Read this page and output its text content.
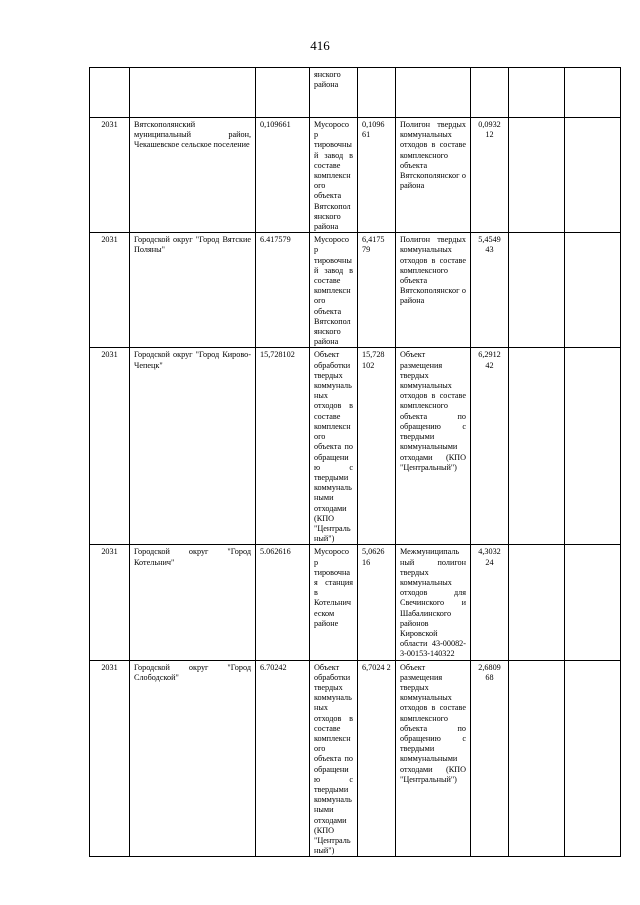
416
			янского района					
2031	Вятскополянский муниципальный район, Чекашевское сельское поселение	0,109661	Мусоросор тировочны й завод в составе комплексн ого объекта Вятскопол янского района	0,1096 61	Полигон твердых коммунальных отходов в составе комплексного объекта Вятскополянског о района	0,0932 12		
2031	Городской округ "Город Вятские Поляны"	6.417579	Мусоросор тировочны й завод в составе комплексн ого объекта Вятскопол янского района	6,4175 79	Полигон твердых коммунальных отходов в составе комплексного объекта Вятскополянског о района	5,4549 43		
2031	Городской округ "Город Кирово-Чепецк"	15,728102	Объект обработки твердых коммуналь ных отходов в составе комплексн ого объекта по обращени ю с твердыми коммуналь ными отходами (КПО "Централь ный")	15,728 102	Объект размещения твердых коммунальных отходов в составе комплексного объекта по обращению с твердыми коммунальными отходами (КПО "Центральный")	6,2912 42		
2031	Городской округ "Город Котельнич"	5.062616	Мусоросор тировочна я станция в Котельнич еском районе	5,0626 16	Межмуниципаль ный полигон твердых коммунальных отходов для Свечинского и Шабалинского районов Кировской области 43-00082-3-00153-140322	4,3032 24		
2031	Городской округ "Город Слободской"	6.70242	Объект обработки твердых коммуналь ных отходов в составе комплексн ого объекта по обращени ю с твердыми коммуналь ными отходами (КПО "Централь ный")	6,7024 2	Объект размещения твердых коммунальных отходов в составе комплексного объекта по обращению с твердыми коммунальными отходами (КПО "Центральный")	2,6809 68		
